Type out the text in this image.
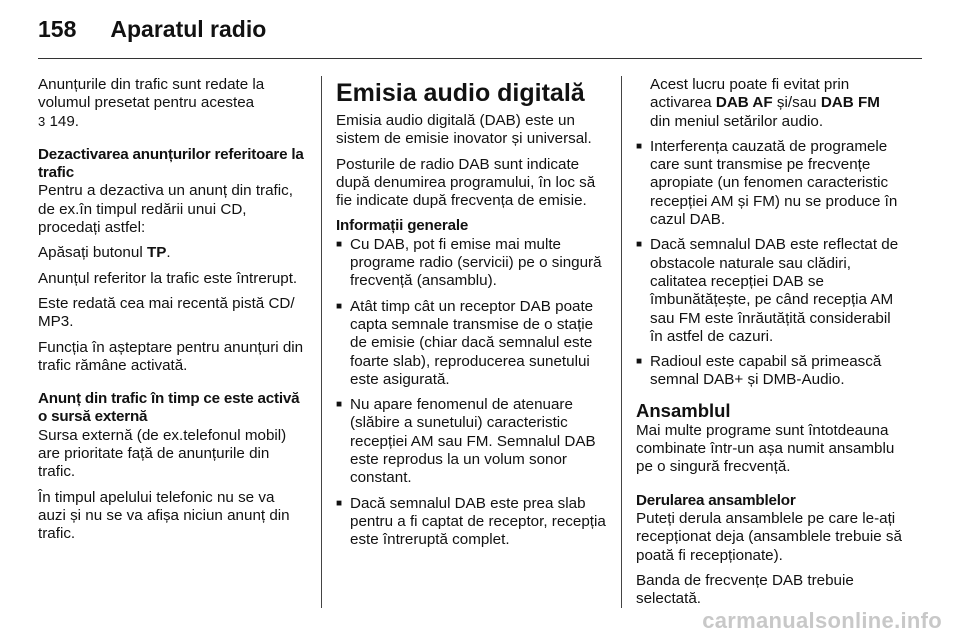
158 Aparatul radio

Anunțurile din trafic sunt redate la volumul presetat pentru acestea
3 149.

Dezactivarea anunțurilor referitoare la trafic

Pentru a dezactiva un anunț din trafic, de ex.în timpul redării unui CD, procedați astfel:

Apăsați butonul TP.

Anunțul referitor la trafic este întrerupt.

Este redată cea mai recentă pistă CD/ MP3.

Funcția în așteptare pentru anunțuri din trafic rămâne activată.

Anunț din trafic în timp ce este activă o sursă externă

Sursa externă (de ex.telefonul mobil) are prioritate față de anunțurile din trafic.

În timpul apelului telefonic nu se va auzi și nu se va afișa niciun anunț din trafic.

Emisia audio digitală

Emisia audio digitală (DAB) este un sistem de emisie inovator și universal.

Posturile de radio DAB sunt indicate după denumirea programului, în loc să fie indicate după frecvența de emisie.

Informații generale

■ Cu DAB, pot fi emise mai multe programe radio (servicii) pe o singură frecvență (ansamblu).
■ Atât timp cât un receptor DAB poate capta semnale transmise de o stație de emisie (chiar dacă semnalul este foarte slab), reproducerea sunetului este asigurată.
■ Nu apare fenomenul de atenuare (slăbire a sunetului) caracteristic recepției AM sau FM. Semnalul DAB este reprodus la un volum sonor constant.
■ Dacă semnalul DAB este prea slab pentru a fi captat de receptor, recepția este întreruptă complet.

Acest lucru poate fi evitat prin activarea DAB AF și/sau DAB FM din meniul setărilor audio.

■ Interferența cauzată de programele care sunt transmise pe frecvențe apropiate (un fenomen caracteristic recepției AM și FM) nu se produce în cazul DAB.
■ Dacă semnalul DAB este reflectat de obstacole naturale sau clădiri, calitatea recepției DAB se îmbunătățește, pe când recepția AM sau FM este înrăutățită considerabil în astfel de cazuri.
■ Radioul este capabil să primească semnal DAB+ și DMB-Audio.
Ansamblul

Mai multe programe sunt întotdeauna combinate într-un așa numit ansamblu pe o singură frecvență.

Derularea ansamblelor

Puteți derula ansamblele pe care le-ați recepționat deja (ansamblele trebuie să poată fi recepționate).

Banda de frecvențe DAB trebuie selectată.

carmanualsonline.info
